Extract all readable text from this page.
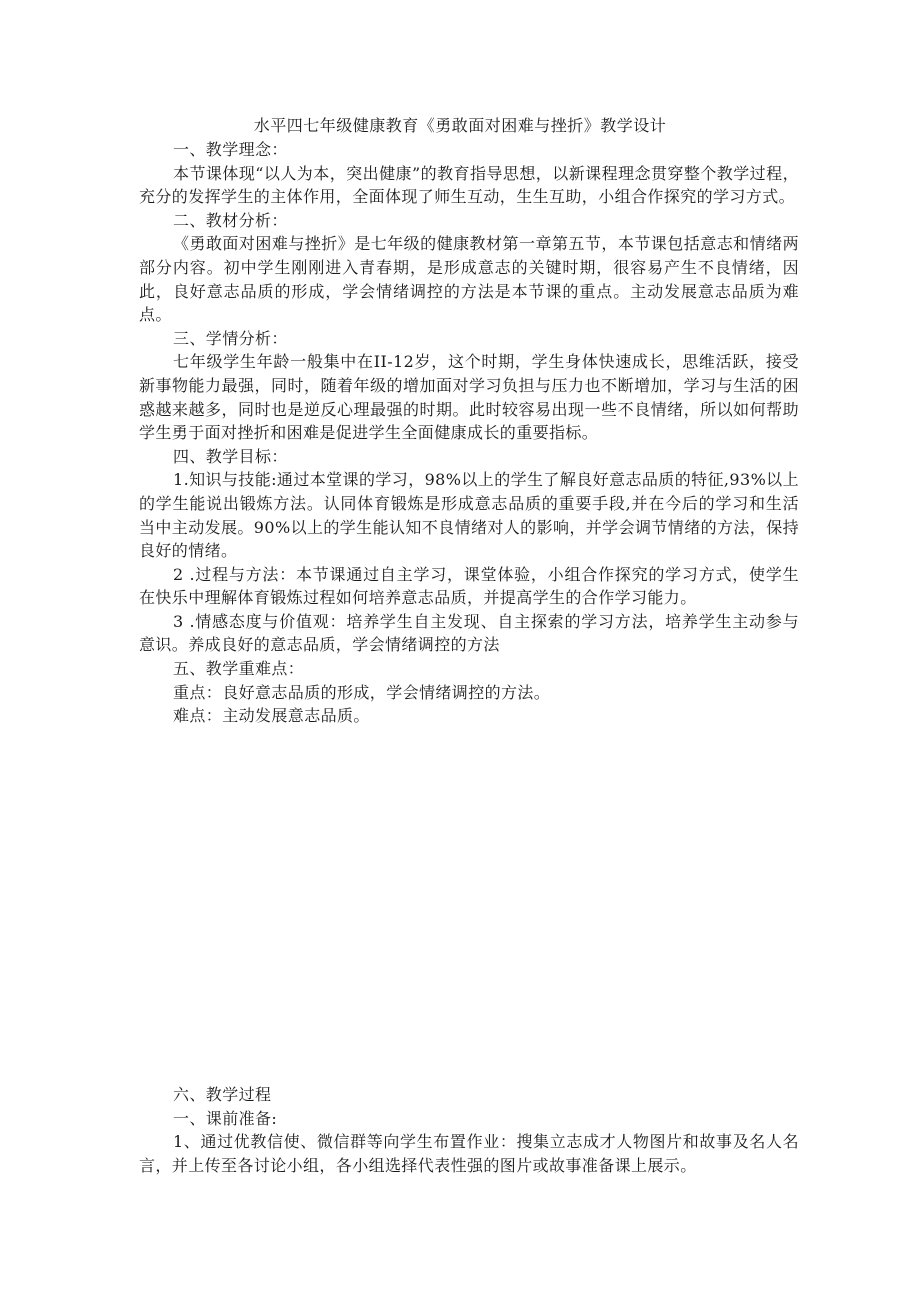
水平四七年级健康教育《勇敢面对困难与挫折》教学设计

一、教学理念：

本节课体现“以人为本，突出健康”的教育指导思想，以新课程理念贯穿整个教学过程，充分的发挥学生的主体作用，全面体现了师生互动，生生互助，小组合作探究的学习方式。

二、教材分析：

《勇敢面对困难与挫折》是七年级的健康教材第一章第五节，本节课包括意志和情绪两部分内容。初中学生刚刚进入青春期，是形成意志的关键时期，很容易产生不良情绪，因此，良好意志品质的形成，学会情绪调控的方法是本节课的重点。主动发展意志品质为难点。

三、学情分析：

七年级学生年龄一般集中在II-12岁，这个时期，学生身体快速成长，思维活跃，接受新事物能力最强，同时，随着年级的增加面对学习负担与压力也不断增加，学习与生活的困惑越来越多，同时也是逆反心理最强的时期。此时较容易出现一些不良情绪，所以如何帮助学生勇于面对挫折和困难是促进学生全面健康成长的重要指标。

四、教学目标：

1.知识与技能:通过本堂课的学习，98%以上的学生了解良好意志品质的特征,93%以上的学生能说出锻炼方法。认同体育锻炼是形成意志品质的重要手段,并在今后的学习和生活当中主动发展。90%以上的学生能认知不良情绪对人的影响，并学会调节情绪的方法，保持良好的情绪。

2 .过程与方法：本节课通过自主学习，课堂体验，小组合作探究的学习方式，使学生在快乐中理解体育锻炼过程如何培养意志品质，并提高学生的合作学习能力。

3 .情感态度与价值观：培养学生自主发现、自主探索的学习方法，培养学生主动参与意识。养成良好的意志品质，学会情绪调控的方法

五、教学重难点：

重点：良好意志品质的形成，学会情绪调控的方法。

难点：主动发展意志品质。

六、教学过程

一、课前准备:

1、通过优教信使、微信群等向学生布置作业：搜集立志成才人物图片和故事及名人名言，并上传至各讨论小组，各小组选择代表性强的图片或故事准备课上展示。
